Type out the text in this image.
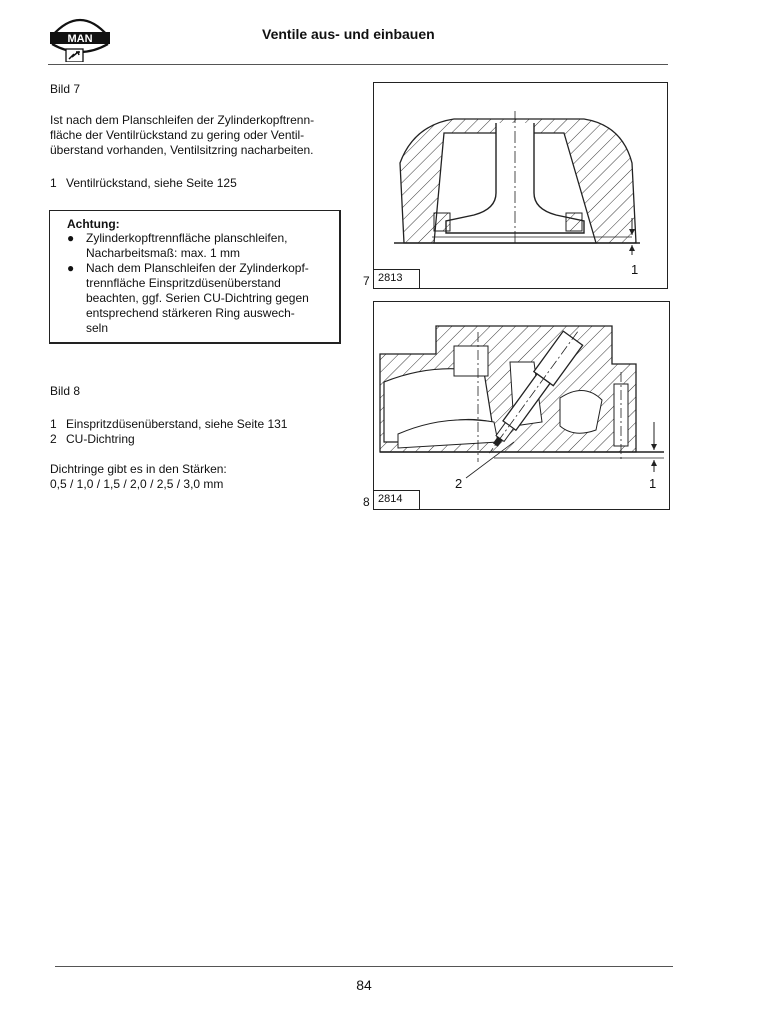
MAN	Ventile aus- und einbauen
Bild 7
Ist nach dem Planschleifen der Zylinderkopftrenn-
fläche der Ventilrückstand zu gering oder Ventil-
überstand vorhanden, Ventilsitzring nacharbeiten.
1 Ventilrückstand, siehe Seite 125
Achtung:
● Zylinderkopftrennfläche planschleifen,
Nacharbeitsmaß: max. 1 mm
● Nach dem Planschleifen der Zylinderkopf-
trennfläche Einspritzdüsenüberstand
beachten, ggf. Serien CU-Dichtring gegen
entsprechend stärkeren Ring auswech-
seln
Bild 8
1 Einspritzdüsenüberstand, siehe Seite 131
2 CU-Dichtring
Dichtringe gibt es in den Stärken:
0,5 / 1,0 / 1,5 / 2,0 / 2,5 / 3,0 mm
1
2813
7
2	1
2814
8
84
